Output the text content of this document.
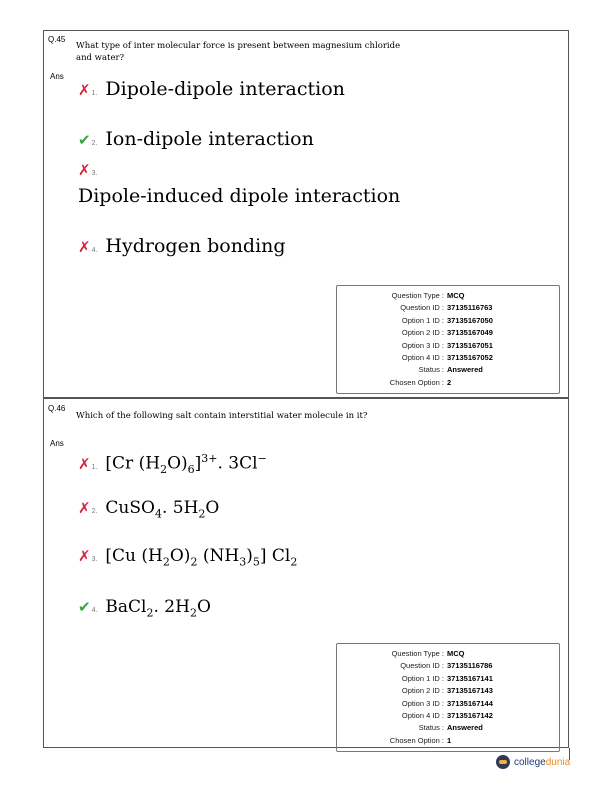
Q.45
What type of inter molecular force is present between magnesium chloride and water?
Ans
✗ 1. Dipole-dipole interaction
✔ 2. Ion-dipole interaction
✗ 3.
Dipole-induced dipole interaction
✗ 4. Hydrogen bonding
Question Type : MCQ
Question ID : 37135116763
Option 1 ID : 37135167050
Option 2 ID : 37135167049
Option 3 ID : 37135167051
Option 4 ID : 37135167052
Status : Answered
Chosen Option : 2
Q.46
Which of the following salt contain interstitial water molecule in it?
Ans
✗ 1. [Cr $(H_2O)_6]^{3+}$. 3Cl−
✗ 2. CuSO$_4$. $5H_2O$
✗ 3. [Cu $(H_2O)_2$ $(NH_3)_5$] $Cl_2$
✔ 4. BaCl$_2$. $2H_2O$
Question Type : MCQ
Question ID : 37135116786
Option 1 ID : 37135167141
Option 2 ID : 37135167143
Option 3 ID : 37135167144
Option 4 ID : 37135167142
Status : Answered
Chosen Option : 1
collegedunia
